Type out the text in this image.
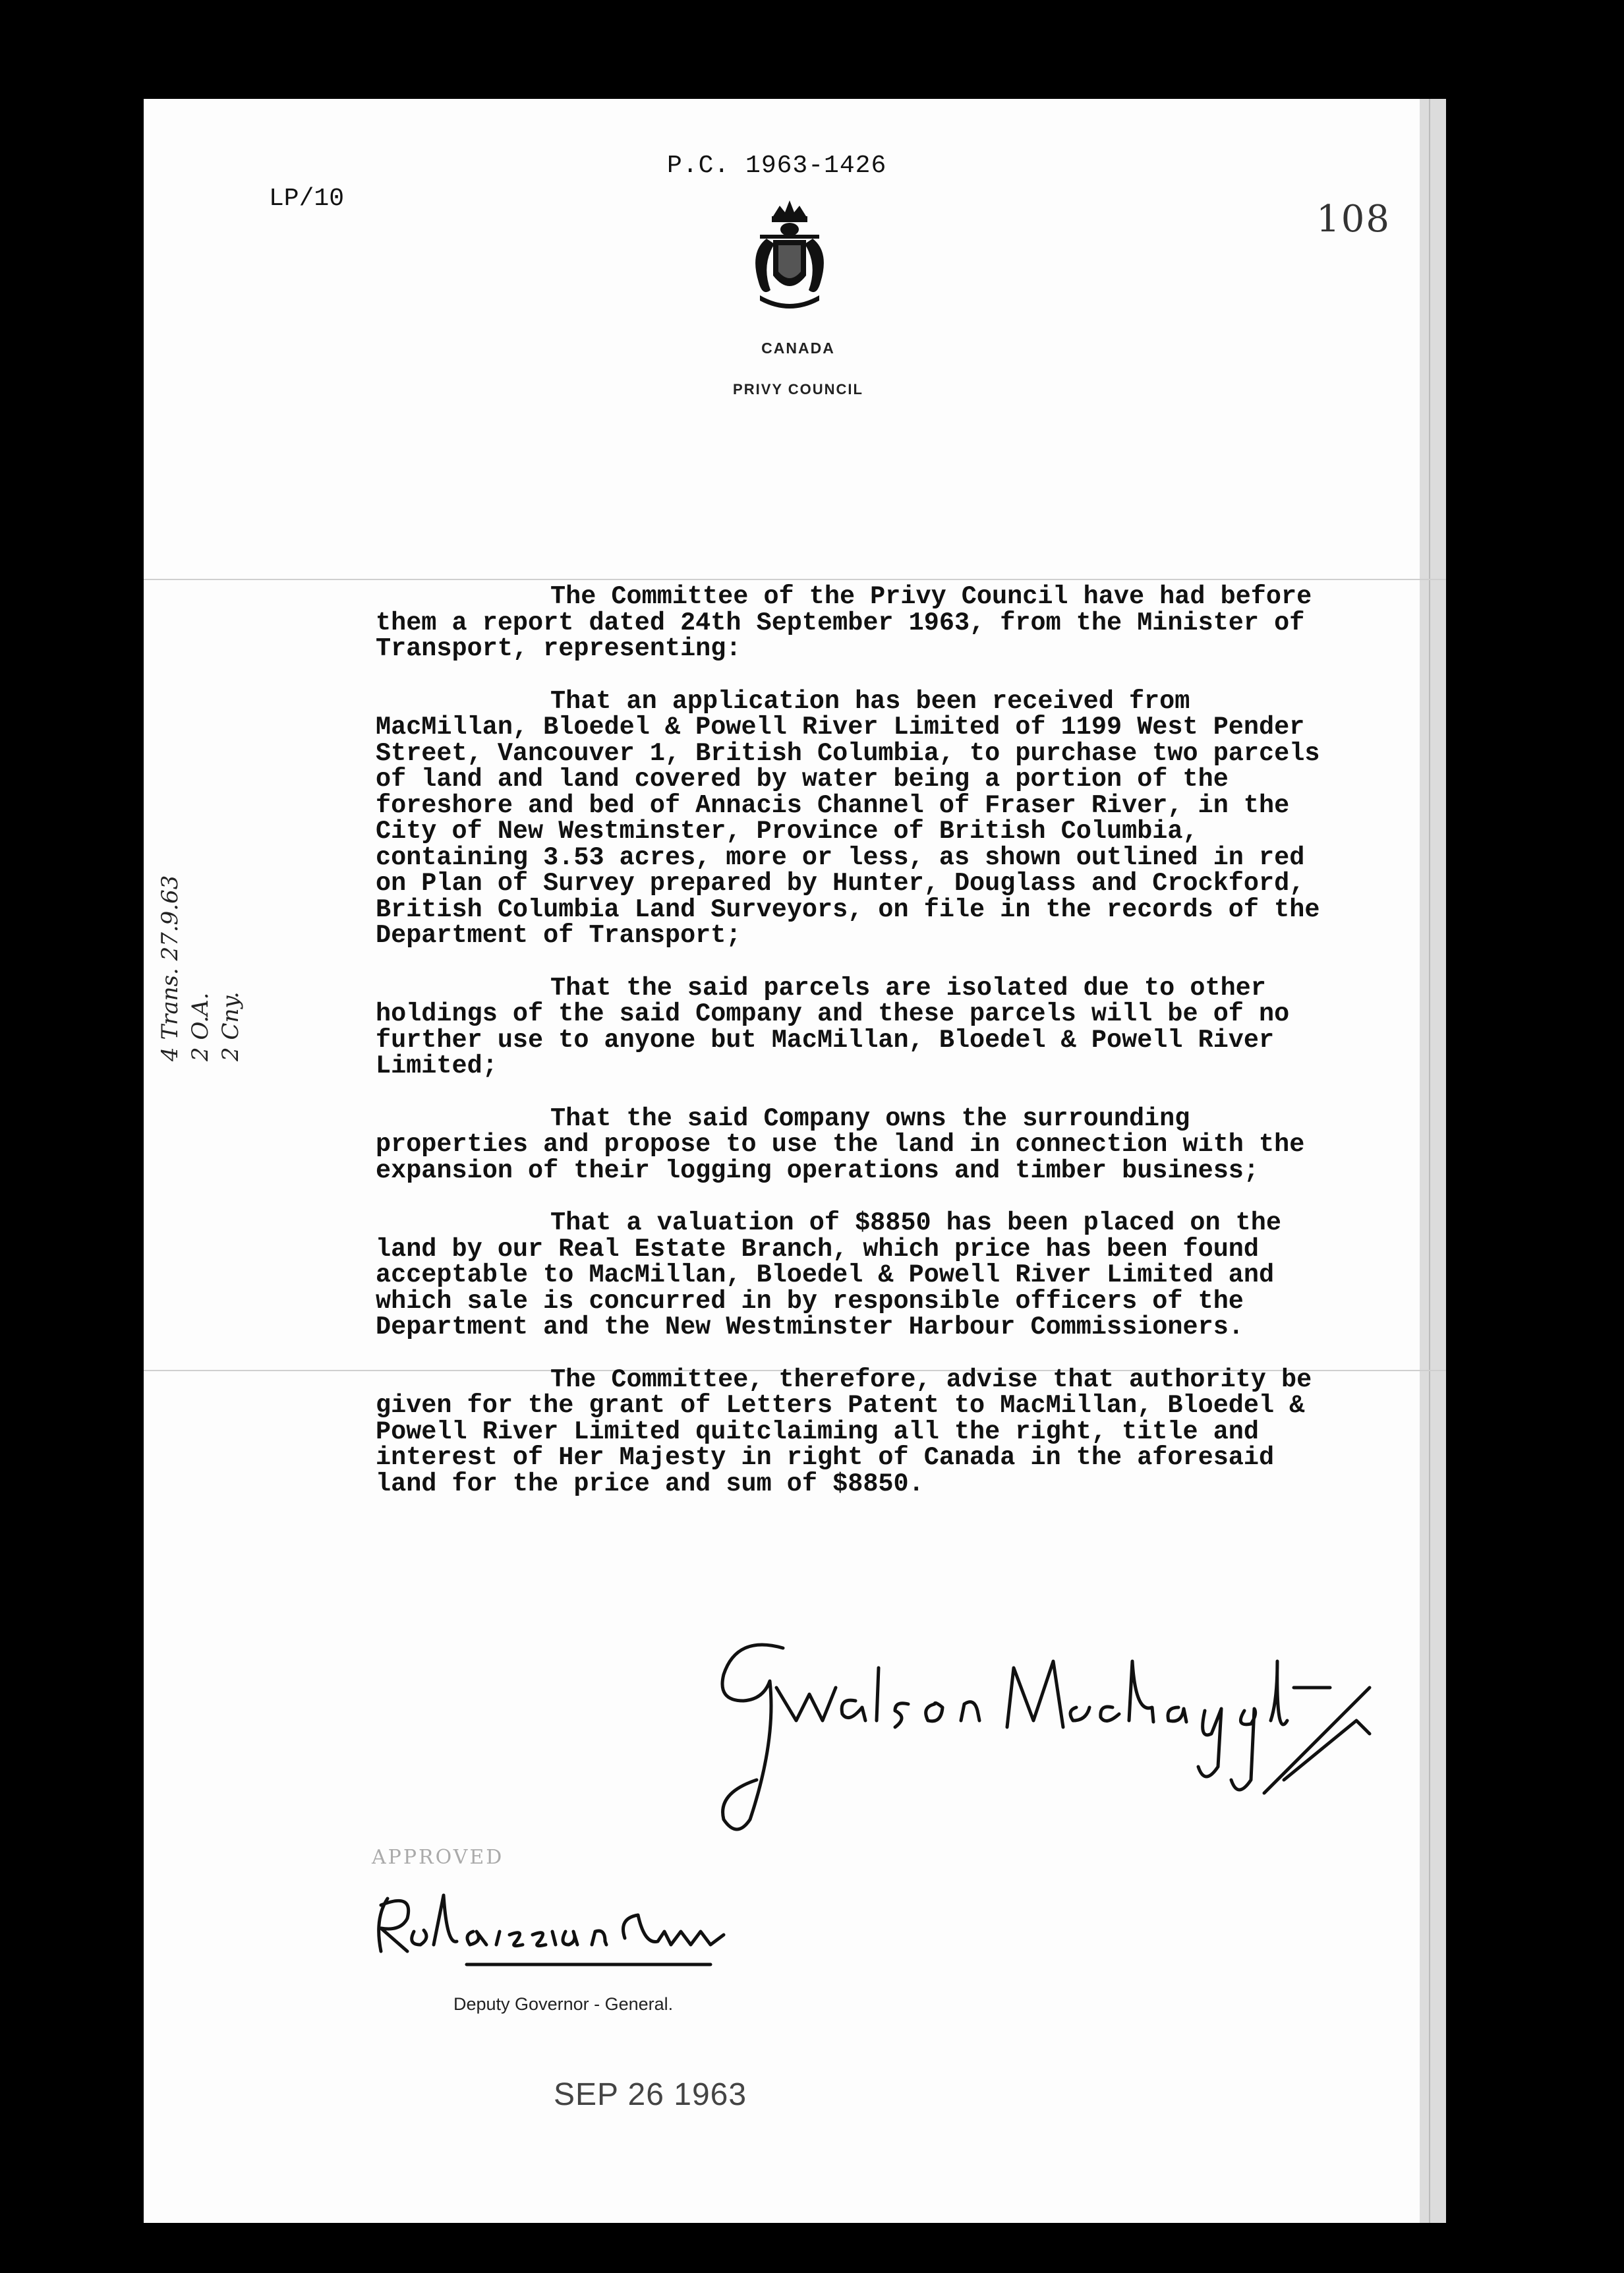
P.C. 1963-1426
LP/10	108
CANADA
PRIVY COUNCIL

The Committee of the Privy Council have had before them a report dated 24th September 1963, from the Minister of Transport, representing:

That an application has been received from MacMillan, Bloedel & Powell River Limited of 1199 West Pender Street, Vancouver 1, British Columbia, to purchase two parcels of land and land covered by water being a portion of the foreshore and bed of Annacis Channel of Fraser River, in the City of New Westminster, Province of British Columbia, containing 3.53 acres, more or less, as shown outlined in red on Plan of Survey prepared by Hunter, Douglass and Crockford, British Columbia Land Surveyors, on file in the records of the Department of Transport;

That the said parcels are isolated due to other holdings of the said Company and these parcels will be of no further use to anyone but MacMillan, Bloedel & Powell River Limited;

That the said Company owns the surrounding properties and propose to use the land in connection with the expansion of their logging operations and timber business;

That a valuation of $8850 has been placed on the land by our Real Estate Branch, which price has been found acceptable to MacMillan, Bloedel & Powell River Limited and which sale is concurred in by responsible officers of the Department and the New Westminster Harbour Commissioners.

The Committee, therefore, advise that authority be given for the grant of Letters Patent to MacMillan, Bloedel & Powell River Limited quitclaiming all the right, title and interest of Her Majesty in right of Canada in the aforesaid land for the price and sum of $8850.

4 Trans. 27.9.63 2 O.A. 2 Cny.
APPROVED
Deputy Governor - General.
SEP 26 1963
